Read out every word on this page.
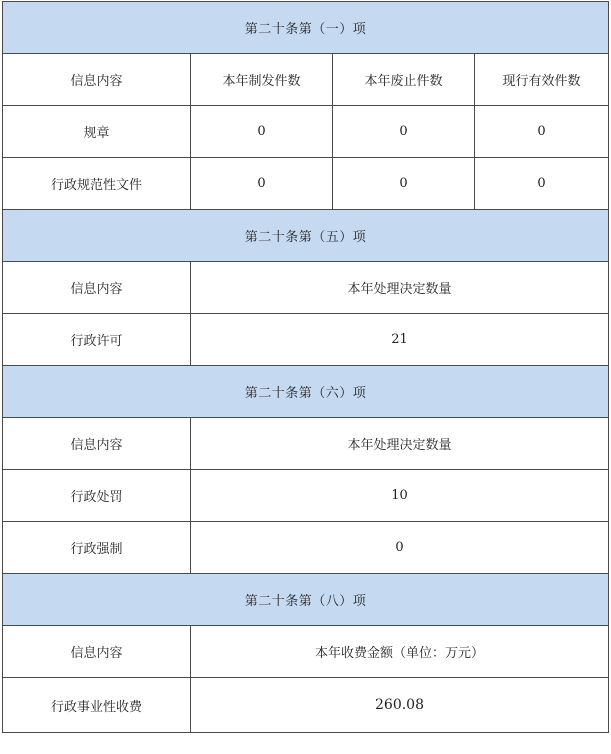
第二十条第（一）项			
信息内容	本年制发件数	本年废止件数	现行有效件数
规章	0	0	0
行政规范性文件	0	0	0
第二十条第（五）项			
信息内容	本年处理决定数量		
行政许可	21		
第二十条第（六）项			
信息内容	本年处理决定数量		
行政处罚	10		
行政强制	0		
第二十条第（八）项			
信息内容	本年收费金额（单位：万元）		
行政事业性收费	260.08		
